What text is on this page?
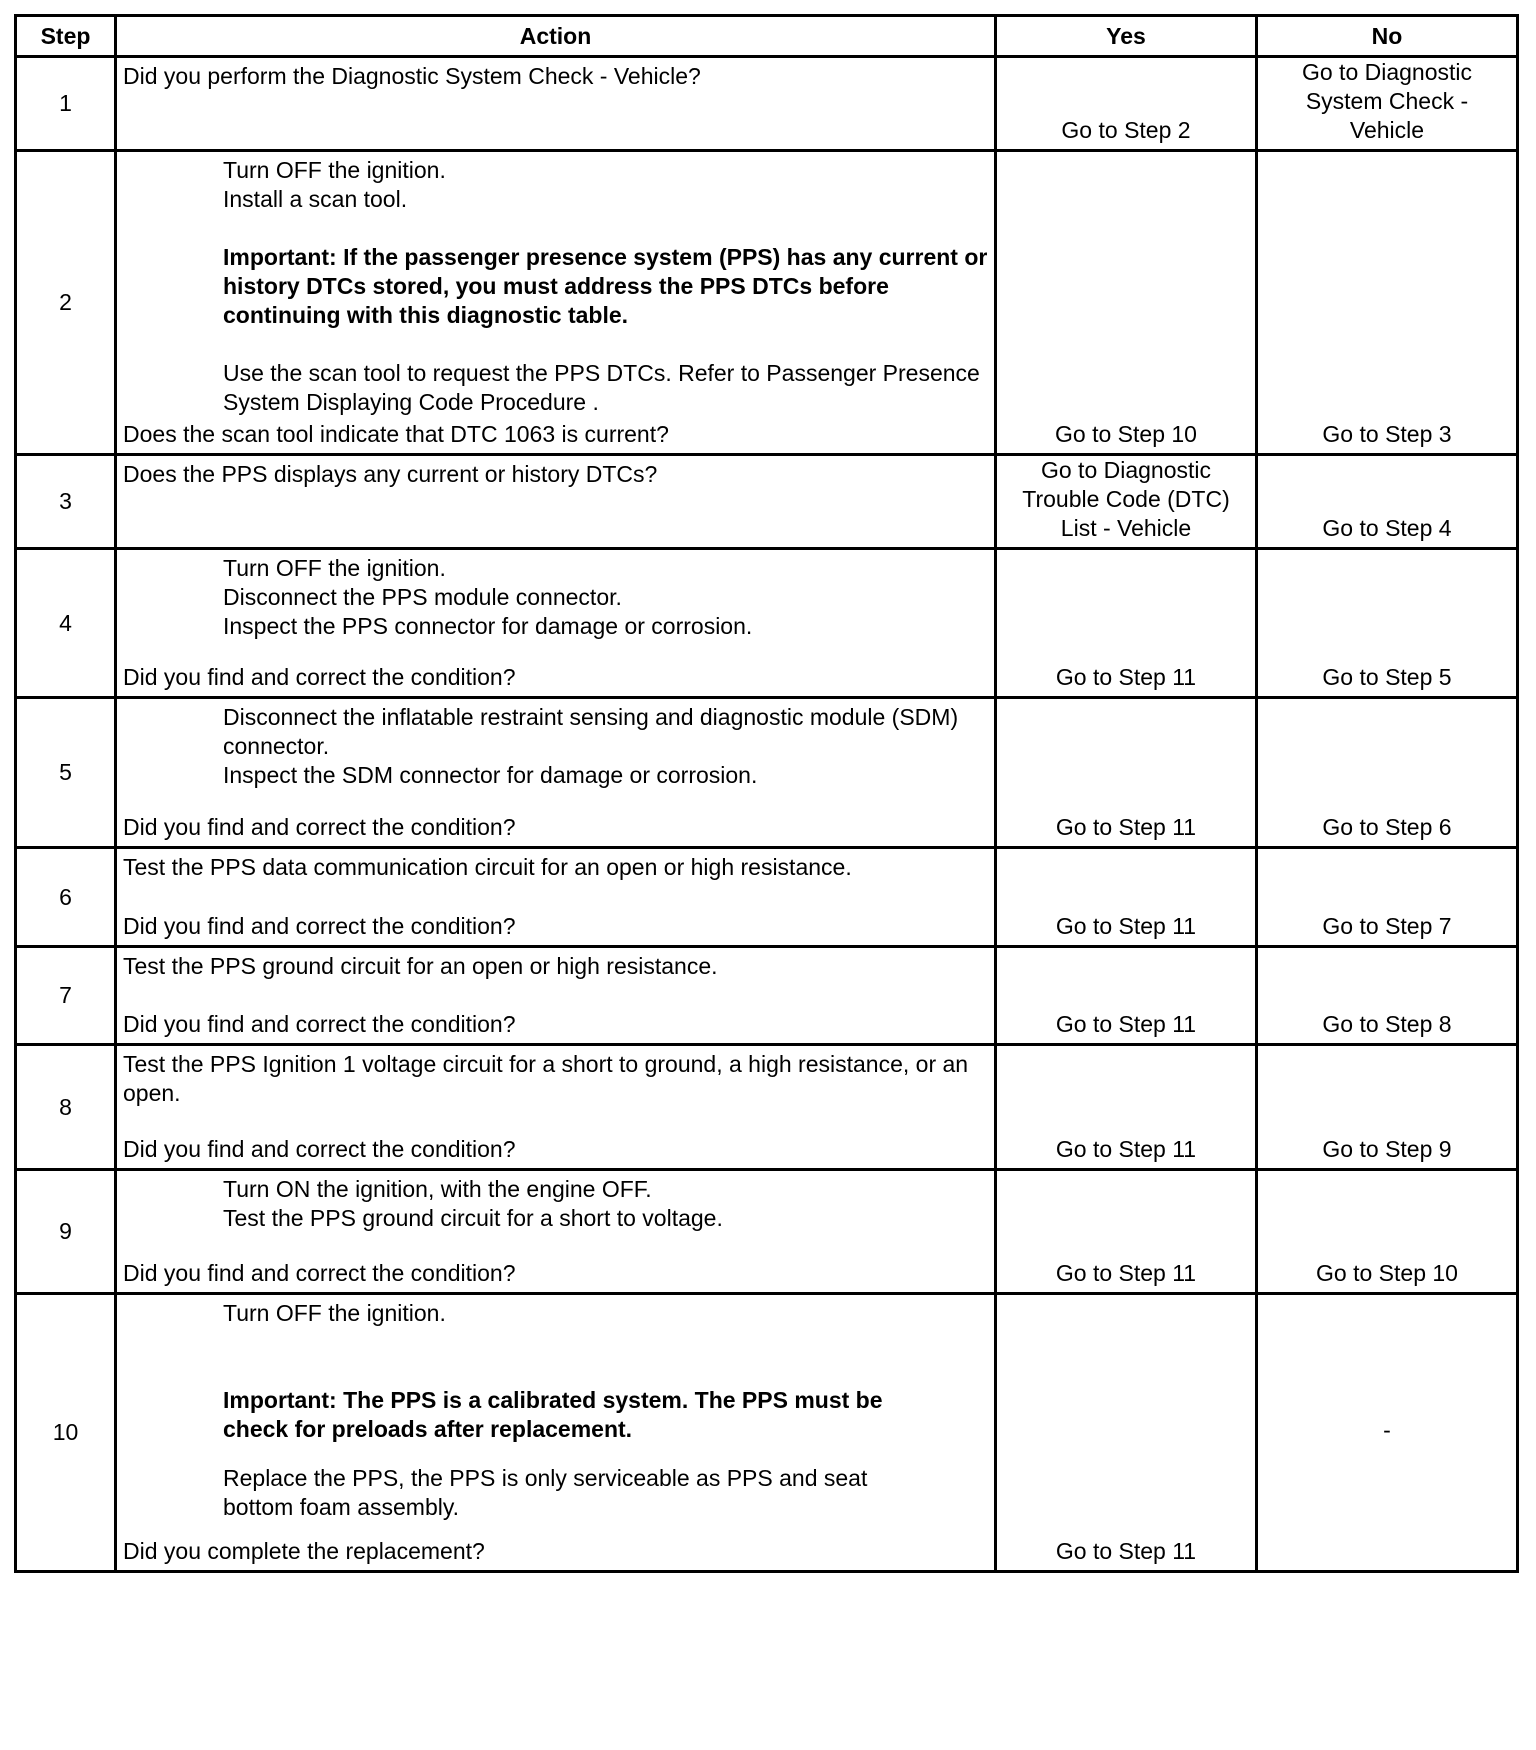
Step	Action	Yes	No
1	Did you perform the Diagnostic System Check - Vehicle?	Go to Step 2	Go to Diagnostic System Check - Vehicle
2	Turn OFF the ignition.
Install a scan tool.
Important: If the passenger presence system (PPS) has any current or history DTCs stored, you must address the PPS DTCs before continuing with this diagnostic table.
Use the scan tool to request the PPS DTCs. Refer to Passenger Presence System Displaying Code Procedure .
Does the scan tool indicate that DTC 1063 is current?	Go to Step 10	Go to Step 3
3	Does the PPS displays any current or history DTCs?	Go to Diagnostic Trouble Code (DTC) List - Vehicle	Go to Step 4
4	Turn OFF the ignition.
Disconnect the PPS module connector.
Inspect the PPS connector for damage or corrosion.
Did you find and correct the condition?	Go to Step 11	Go to Step 5
5	Disconnect the inflatable restraint sensing and diagnostic module (SDM) connector.
Inspect the SDM connector for damage or corrosion.
Did you find and correct the condition?	Go to Step 11	Go to Step 6
6	Test the PPS data communication circuit for an open or high resistance.
Did you find and correct the condition?	Go to Step 11	Go to Step 7
7	Test the PPS ground circuit for an open or high resistance.
Did you find and correct the condition?	Go to Step 11	Go to Step 8
8	Test the PPS Ignition 1 voltage circuit for a short to ground, a high resistance, or an open.
Did you find and correct the condition?	Go to Step 11	Go to Step 9
9	Turn ON the ignition, with the engine OFF.
Test the PPS ground circuit for a short to voltage.
Did you find and correct the condition?	Go to Step 11	Go to Step 10
10	Turn OFF the ignition.
Important: The PPS is a calibrated system. The PPS must be check for preloads after replacement.
Replace the PPS, the PPS is only serviceable as PPS and seat bottom foam assembly.
Did you complete the replacement?	Go to Step 11	-
